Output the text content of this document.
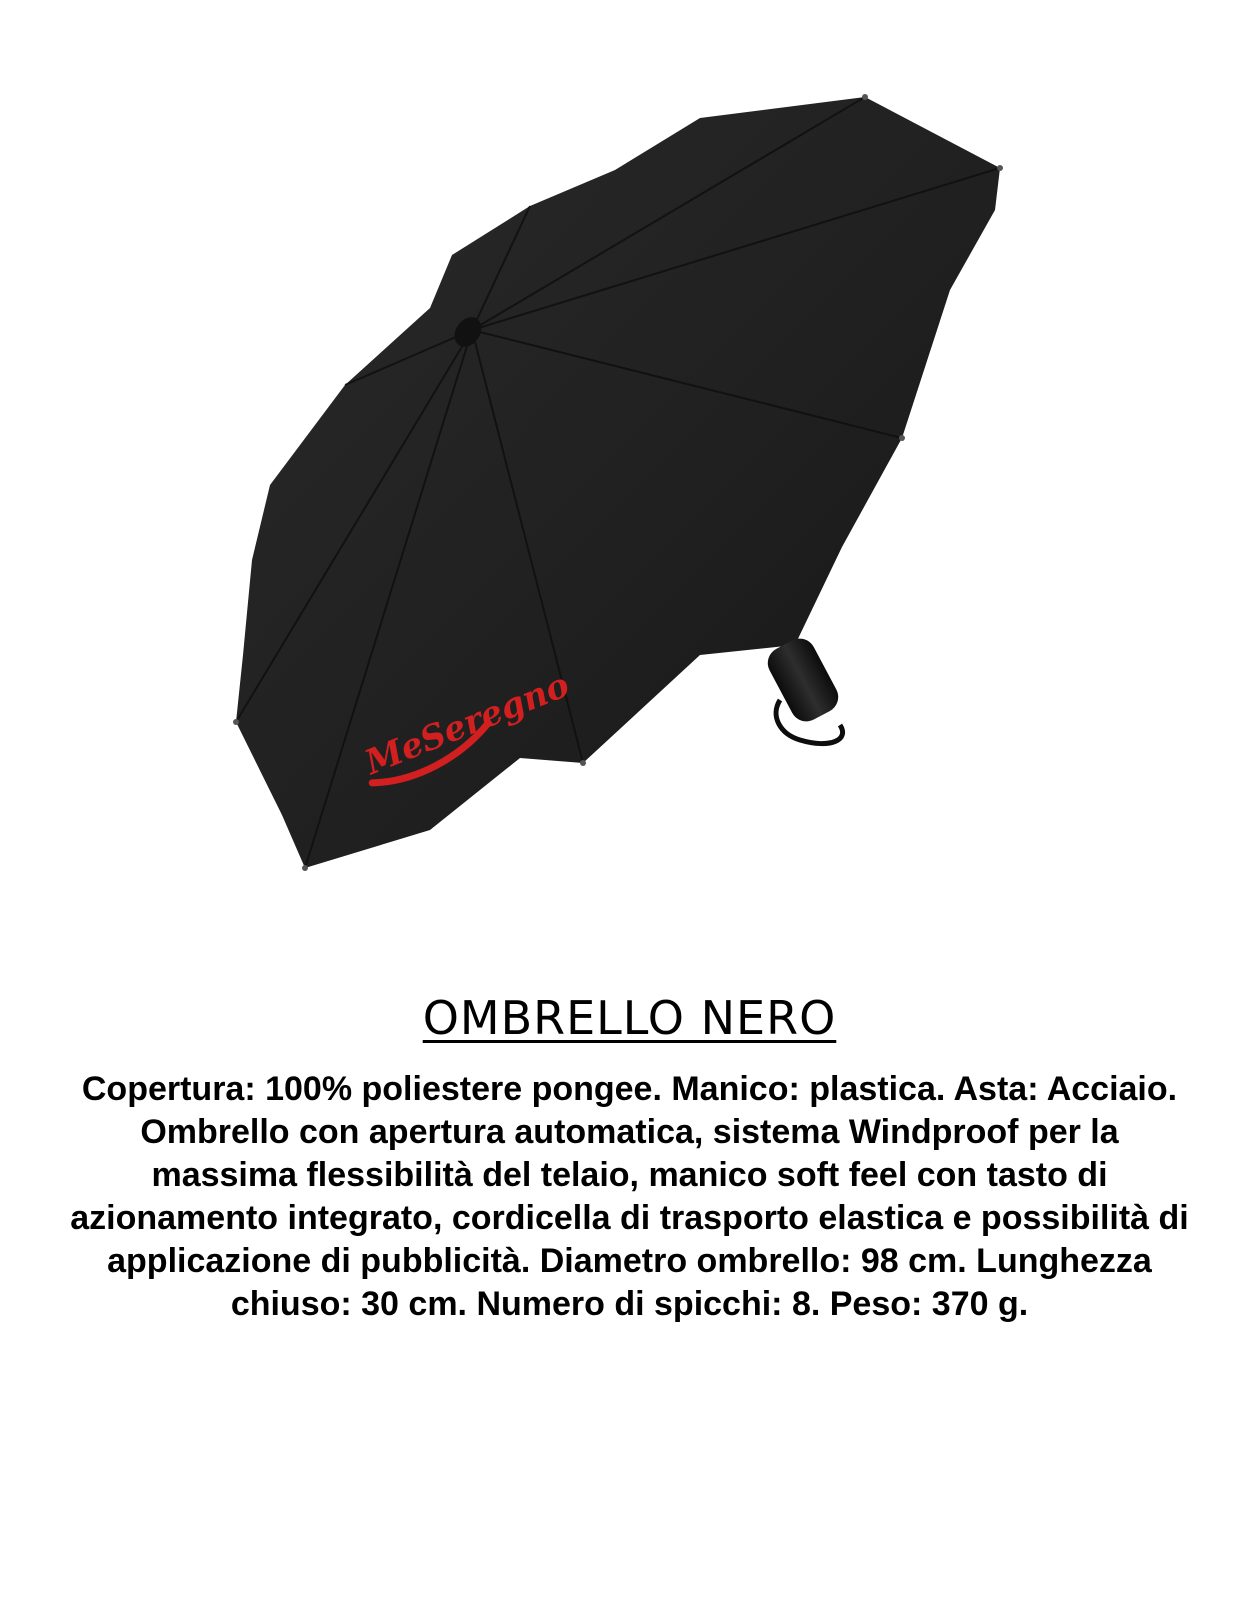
MeSeregno
OMBRELLO NERO

Copertura: 100% poliestere pongee. Manico: plastica. Asta: Acciaio. Ombrello con apertura automatica, sistema Windproof per la massima flessibilità del telaio, manico soft feel con tasto di azionamento integrato, cordicella di trasporto elastica e possibilità di applicazione di pubblicità. Diametro ombrello: 98 cm. Lunghezza chiuso: 30 cm. Numero di spicchi: 8. Peso: 370 g.
